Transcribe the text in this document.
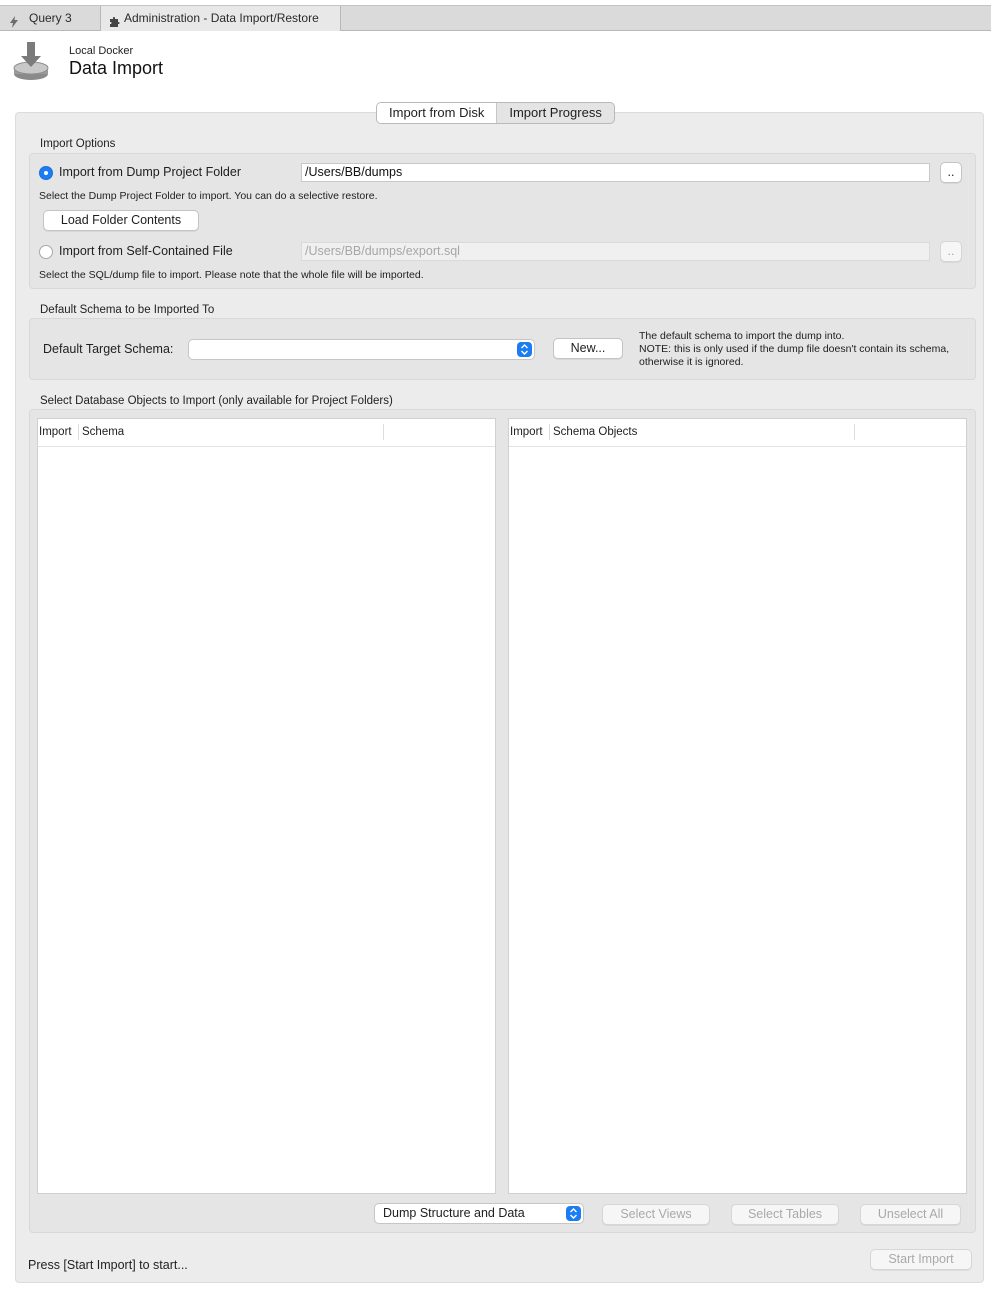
Query 3	Administration - Data Import/Restore
Local Docker
Data Import
Import from Disk	Import Progress
Import Options
Import from Dump Project Folder	/Users/BB/dumps	..
Select the Dump Project Folder to import. You can do a selective restore.
Load Folder Contents
Import from Self-Contained File	/Users/BB/dumps/export.sql	..
Select the SQL/dump file to import. Please note that the whole file will be imported.
Default Schema to be Imported To
Default Target Schema:	New...
The default schema to import the dump into.
NOTE: this is only used if the dump file doesn't contain its schema,
otherwise it is ignored.
Select Database Objects to Import (only available for Project Folders)
Import Schema	Import Schema Objects
Dump Structure and Data	Select Views	Select Tables	Unselect All
Press [Start Import] to start...	Start Import
